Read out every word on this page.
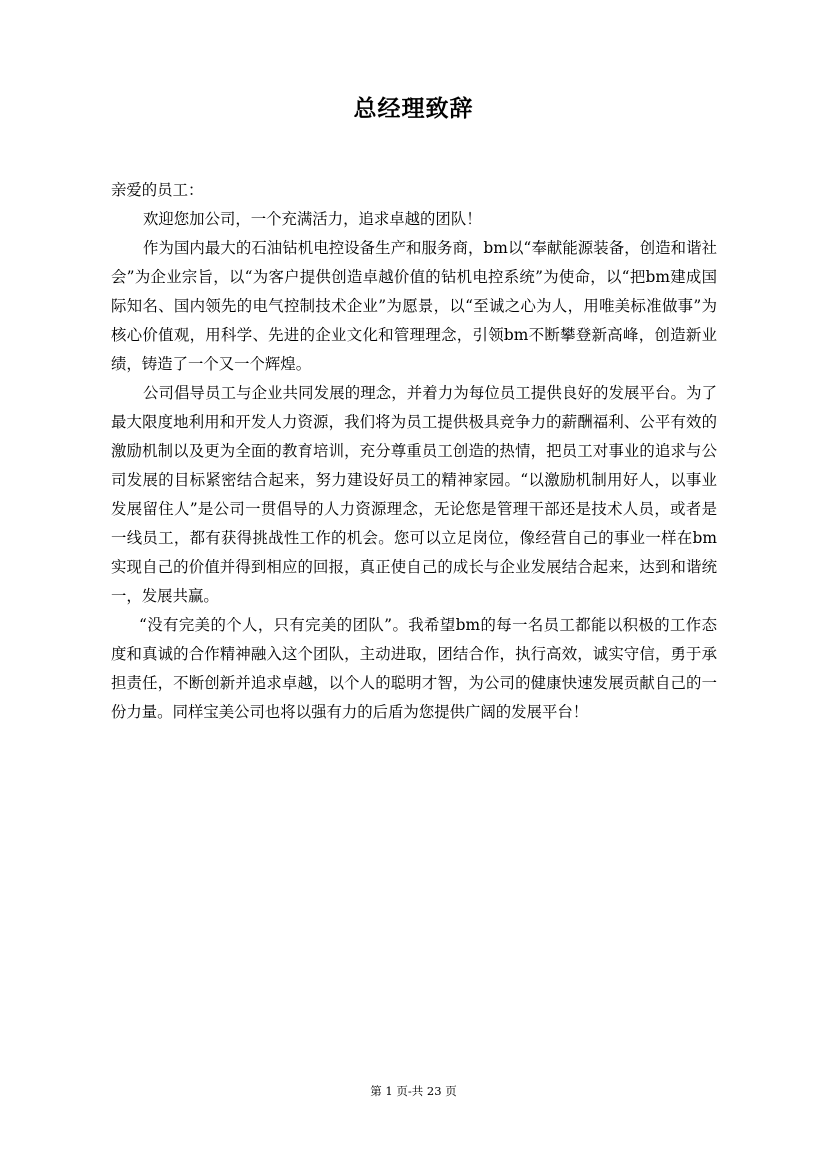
总经理致辞

亲爱的员工：

欢迎您加公司，一个充满活力，追求卓越的团队！

作为国内最大的石油钻机电控设备生产和服务商，bm以“奉献能源装备，创造和谐社会”为企业宗旨，以“为客户提供创造卓越价值的钻机电控系统”为使命，以“把bm建成国际知名、国内领先的电气控制技术企业”为愿景，以“至诚之心为人，用唯美标准做事”为核心价值观，用科学、先进的企业文化和管理理念，引领bm不断攀登新高峰，创造新业绩，铸造了一个又一个辉煌。

公司倡导员工与企业共同发展的理念，并着力为每位员工提供良好的发展平台。为了最大限度地利用和开发人力资源，我们将为员工提供极具竞争力的薪酬福利、公平有效的激励机制以及更为全面的教育培训，充分尊重员工创造的热情，把员工对事业的追求与公司发展的目标紧密结合起来，努力建设好员工的精神家园。“以激励机制用好人，以事业发展留住人”是公司一贯倡导的人力资源理念，无论您是管理干部还是技术人员，或者是一线员工，都有获得挑战性工作的机会。您可以立足岗位，像经营自己的事业一样在bm实现自己的价值并得到相应的回报，真正使自己的成长与企业发展结合起来，达到和谐统一，发展共赢。

“没有完美的个人，只有完美的团队”。我希望bm的每一名员工都能以积极的工作态度和真诚的合作精神融入这个团队，主动进取，团结合作，执行高效，诚实守信，勇于承担责任，不断创新并追求卓越，以个人的聪明才智，为公司的健康快速发展贡献自己的一份力量。同样宝美公司也将以强有力的后盾为您提供广阔的发展平台！

第 1 页-共 23 页
